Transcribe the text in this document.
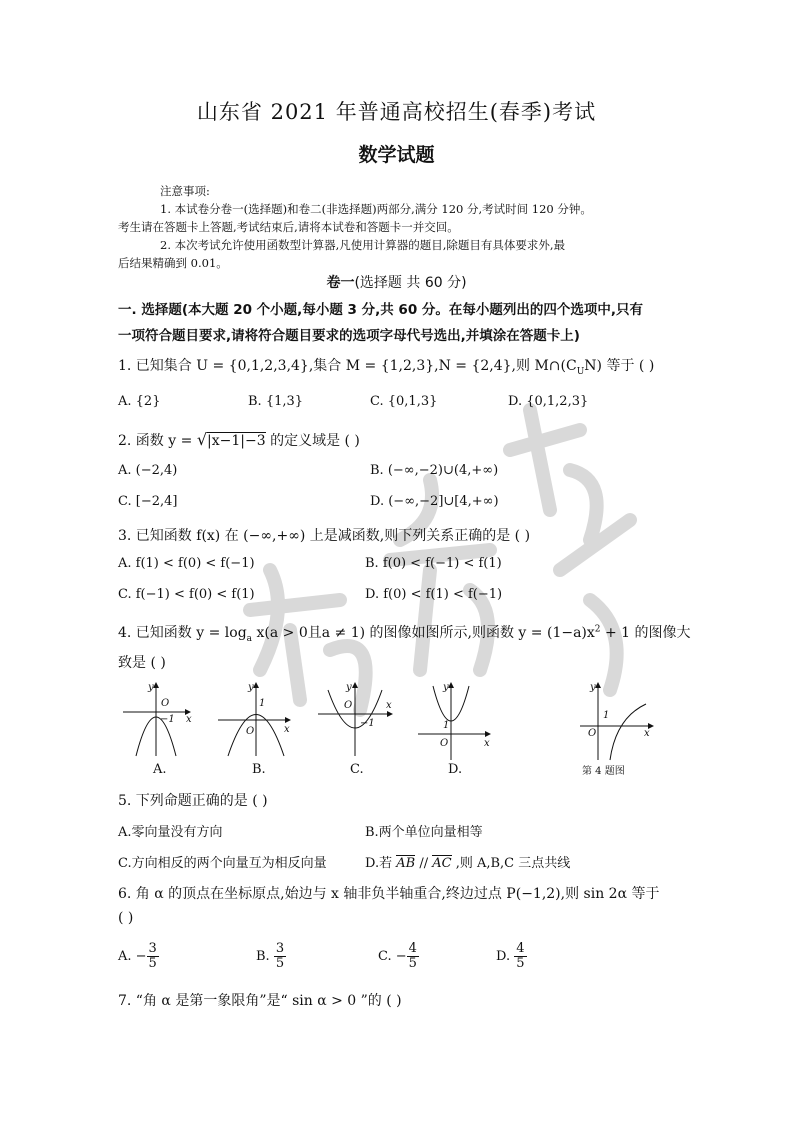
山东省 2021 年普通高校招生(春季)考试
数学试题
注意事项:
1. 本试卷分卷一(选择题)和卷二(非选择题)两部分,满分 120 分,考试时间 120 分钟。
考生请在答题卡上答题,考试结束后,请将本试卷和答题卡一并交回。
2. 本次考试允许使用函数型计算器,凡使用计算器的题目,除题目有具体要求外,最
后结果精确到 0.01。
卷一(选择题 共 60 分)
一. 选择题(本大题 20 个小题,每小题 3 分,共 60 分。在每小题列出的四个选项中,只有
一项符合题目要求,请将符合题目要求的选项字母代号选出,并填涂在答题卡上)
1. 已知集合 U = {0,1,2,3,4},集合 M = {1,2,3},N = {2,4},则 $M\cap(C_UN)$ 等于 ( )
A. {2}	B. {1,3}	C. {0,1,3}	D. {0,1,2,3}
2. 函数 y = √|x−1|−3 的定义域是 ( )
A. (−2,4)	B. (−∞,−2)∪(4,+∞)
C. [−2,4]	D. (−∞,−2]∪[4,+∞)
3. 已知函数 f(x) 在 (−∞,+∞) 上是减函数,则下列关系正确的是 ( )
A. f(1) < f(0) < f(−1)	B. f(0) < f(−1) < f(1)
C. f(−1) < f(0) < f(1)	D. f(0) < f(1) < f(−1)
4. 已知函数 $y = \log_a x(a > 0$且a ≠ 1) 的图像如图所示,则函数 $y = (1-a)x^2 + 1$ 的图像大
致是 ( )
y
O
−1 x
y
1
O	x
y
O
−1
x
y
1
O	x
y
1
O	x
A.	B.	C.	D.	第 4 题图
5. 下列命题正确的是 ( )
A.零向量没有方向	B.两个单位向量相等
C.方向相反的两个向量互为相反向量	D.若 AB // AC ,则 A,B,C 三点共线
6. 角 α 的顶点在坐标原点,始边与 x 轴非负半轴重合,终边过点 P(−1,2),则 sin 2α 等于
( )
A. − $\frac{3}{5}$	B. $\frac{3}{5}$	C. − $\frac{4}{5}$	D. $\frac{4}{5}$
7. “角 α 是第一象限角”是“ sin α > 0 ”的 ( )
